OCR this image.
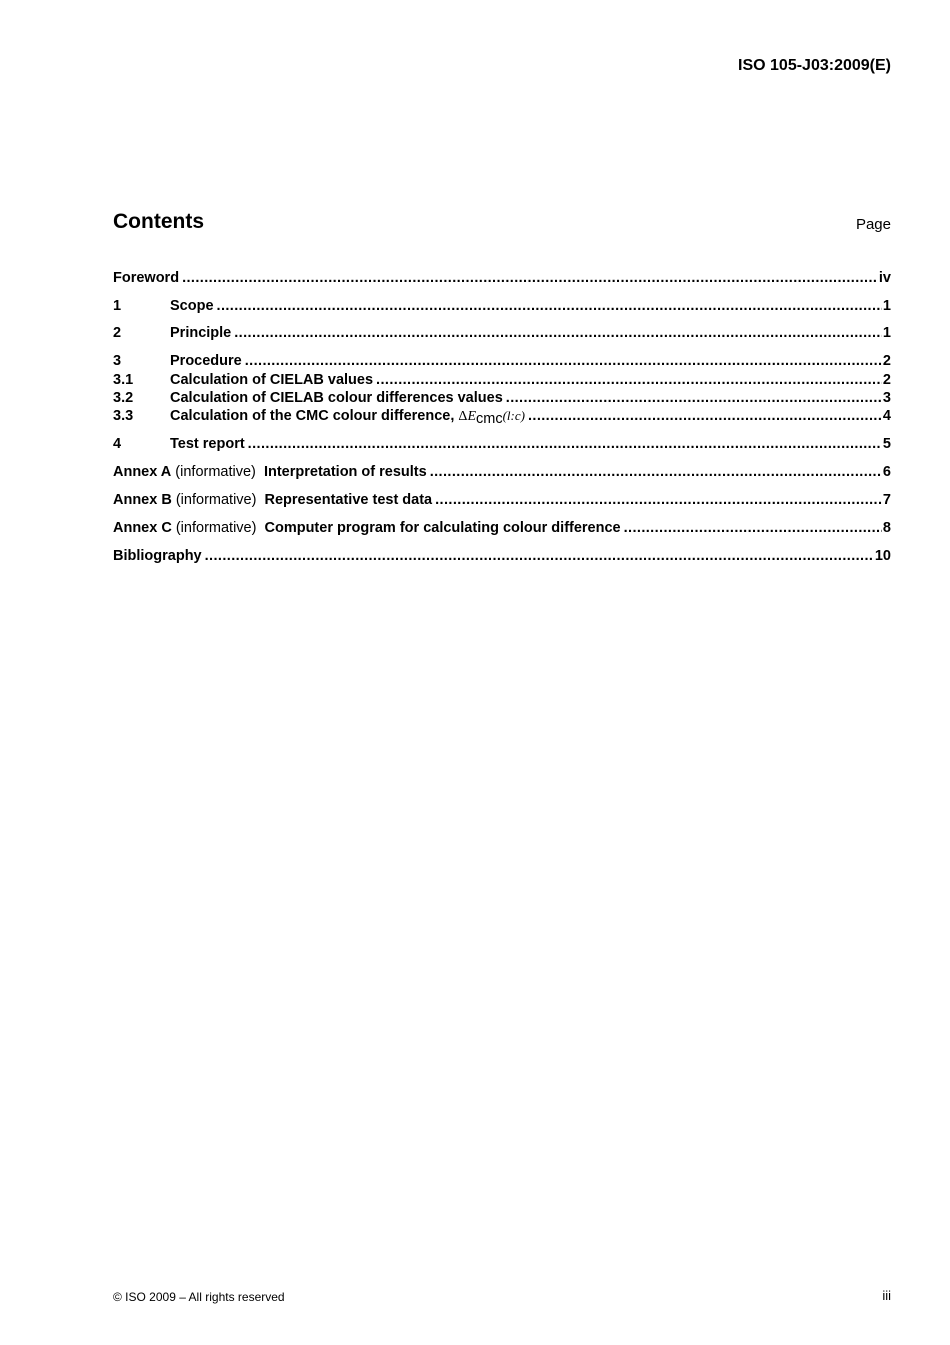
ISO 105-J03:2009(E)
Contents	Page
Foreword .....	iv
1	Scope .....	1
2	Principle .....	1
3	Procedure .....	2
3.1	Calculation of CIELAB values .....	2
3.2	Calculation of CIELAB colour differences values .....	3
3.3	Calculation of the CMC colour difference, ΔEcmc(l:c) .....	4
4	Test report .....	5
Annex A (informative) Interpretation of results .....	6
Annex B (informative) Representative test data .....	7
Annex C (informative) Computer program for calculating colour difference .....	8
Bibliography .....	10
© ISO 2009 – All rights reserved	iii
